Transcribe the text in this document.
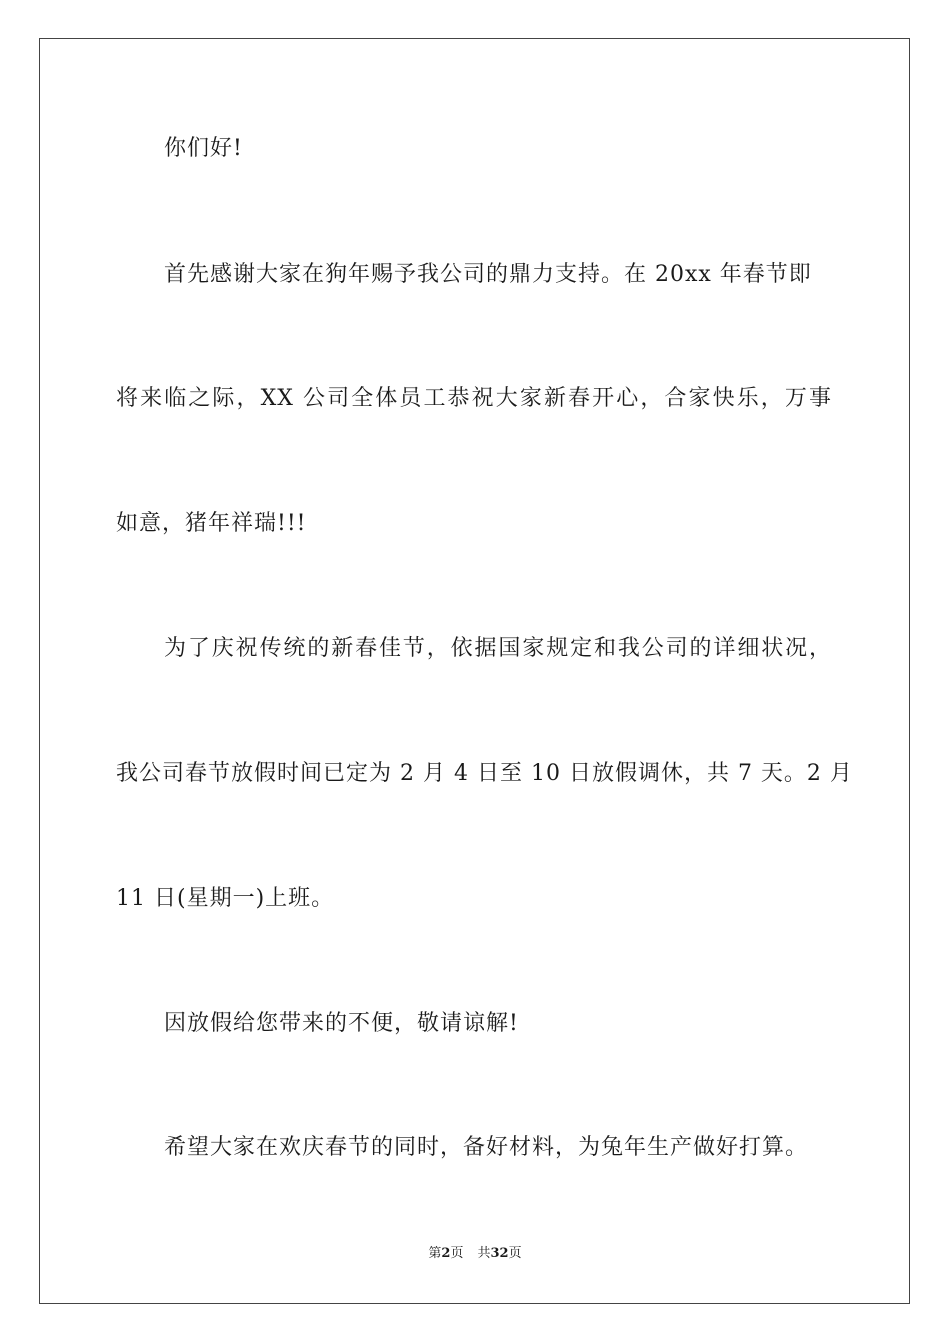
你们好!
首先感谢大家在狗年赐予我公司的鼎力支持。在 20xx 年春节即
将来临之际，XX 公司全体员工恭祝大家新春开心，合家快乐，万事
如意，猪年祥瑞!!!
为了庆祝传统的新春佳节，依据国家规定和我公司的详细状况，
我公司春节放假时间已定为 2 月 4 日至 10 日放假调休，共 7 天。2 月
11 日(星期一)上班。
因放假给您带来的不便，敬请谅解!
希望大家在欢庆春节的同时，备好材料，为兔年生产做好打算。
第2页 共32页
